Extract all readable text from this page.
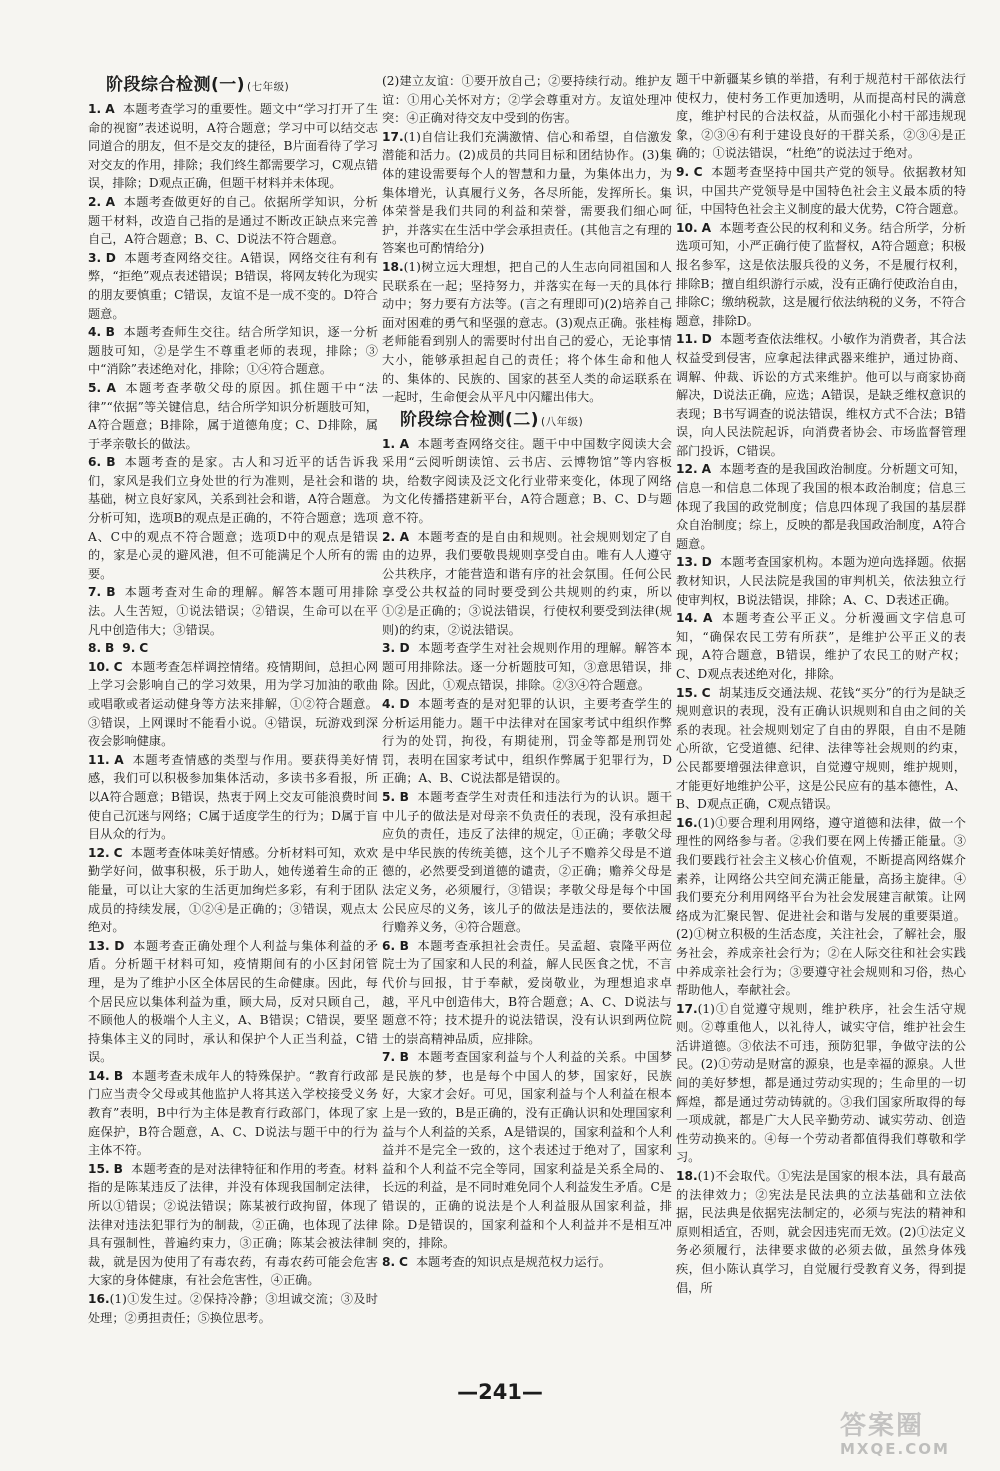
阶段综合检测(一) (七年级)

1. A 本题考查学习的重要性。题文中“学习打开了生命的视窗”表述说明，A符合题意；学习中可以结交志同道合的朋友，但不是交友的捷径，B片面看待了学习对交友的作用，排除；我们终生都需要学习，C观点错误，排除；D观点正确，但题干材料并未体现。

2. A 本题考查做更好的自己。依据所学知识，分析题干材料，改造自己指的是通过不断改正缺点来完善自己，A符合题意；B、C、D说法不符合题意。

3. D 本题考查网络交往。A错误，网络交往有利有弊，“拒绝”观点表述错误；B错误，将网友转化为现实的朋友要慎重；C错误，友谊不是一成不变的。D符合题意。

4. B 本题考查师生交往。结合所学知识，逐一分析题肢可知，②是学生不尊重老师的表现，排除；③中“消除”表述绝对化，排除；①④符合题意。

5. A 本题考查孝敬父母的原因。抓住题干中“法律”“依据”等关键信息，结合所学知识分析题肢可知，A符合题意；B排除，属于道德角度；C、D排除，属于孝亲敬长的做法。

6. B 本题考查的是家。古人和习近平的话告诉我们，家风是我们立身处世的行为准则，是社会和谐的基础，树立良好家风，关系到社会和谐，A符合题意。分析可知，选项B的观点是正确的，不符合题意；选项A、C中的观点不符合题意；选项D中的观点是错误的，家是心灵的避风港，但不可能满足个人所有的需要。

7. B 本题考查对生命的理解。解答本题可用排除法。人生苦短，①说法错误；②错误，生命可以在平凡中创造伟大；③错误。

8. B 9. C

10. C 本题考查怎样调控情绪。疫情期间，总担心网上学习会影响自己的学习效果，用为学习加油的歌曲或唱歌或者运动健身等方法来排解，①②符合题意。③错误，上网课时不能看小说。④错误，玩游戏到深夜会影响健康。

11. A 本题考查情感的类型与作用。要获得美好情感，我们可以积极参加集体活动，多读书多看报，所以A符合题意；B错误，热衷于网上交友可能浪费时间使自己沉迷与网络；C属于适度学生的行为；D属于盲目从众的行为。

12. C 本题考查体味美好情感。分析材料可知，欢欢勤学好问，做事积极，乐于助人，她传递着生命的正能量，可以让大家的生活更加绚烂多彩，有利于团队成员的持续发展，①②④是正确的；③错误，观点太绝对。

13. D 本题考查正确处理个人利益与集体利益的矛盾。分析题干材料可知，疫情期间有的小区封闭管理，是为了维护小区全体居民的生命健康。因此，每个居民应以集体利益为重，顾大局，反对只顾自己，不顾他人的极端个人主义，A、B错误；C错误，要坚持集体主义的同时，承认和保护个人正当利益，C错误。

14. B 本题考查未成年人的特殊保护。“教育行政部门应当责令父母或其他监护人将其送入学校接受义务教育”表明，B中行为主体是教育行政部门，体现了家庭保护，B符合题意，A、C、D说法与题干中的行为主体不符。

15. B 本题考查的是对法律特征和作用的考查。材料指的是陈某违反了法律，并没有体现我国制定法律，所以①错误；②说法错误；陈某被行政拘留，体现了法律对违法犯罪行为的制裁，②正确，也体现了法律具有强制性，普遍约束力，③正确；陈某会被法律制裁，就是因为使用了有毒农药，有毒农药可能会危害大家的身体健康，有社会危害性，④正确。

16.(1)①发生过。②保持冷静；③坦诚交流；③及时处理；②勇担责任；⑤换位思考。

(2)建立友谊：①要开放自己；②要持续行动。维护友谊：①用心关怀对方；②学会尊重对方。友谊处理冲突：④正确对待交友中受到的伤害。

17.(1)自信让我们充满激情、信心和希望，自信激发潜能和活力。(2)成员的共同目标和团结协作。(3)集体的建设需要每个人的智慧和力量，为集体出力，为集体增光，认真履行义务，各尽所能，发挥所长。集体荣誉是我们共同的利益和荣誉，需要我们细心呵护，并落实在生活中学会承担责任。(其他言之有理的答案也可酌情给分)

18.(1)树立远大理想，把自己的人生志向同祖国和人民联系在一起；坚持努力，并落实在每一天的具体行动中；努力要有方法等。(言之有理即可)(2)培养自己面对困难的勇气和坚强的意志。(3)观点正确。张桂梅老师能看到别人的需要时付出自己的爱心，无论事情大小，能够承担起自己的责任；将个体生命和他人的、集体的、民族的、国家的甚至人类的命运联系在一起时，生命便会从平凡中闪耀出伟大。

阶段综合检测(二) (八年级)

1. A 本题考查网络交往。题干中中国数字阅读大会采用“云阅听朗读馆、云书店、云博物馆”等内容板块，给数字阅读及泛文化行业带来变化，体现了网络为文化传播搭建新平台，A符合题意；B、C、D与题意不符。

2. A 本题考查的是自由和规则。社会规则划定了自由的边界，我们要敬畏规则享受自由。唯有人人遵守公共秩序，才能营造和谐有序的社会氛围。任何公民享受公共权益的同时要受到公共规则的约束，所以①②是正确的；③说法错误，行使权利要受到法律(规则)的约束，②说法错误。

3. D 本题考查学生对社会规则作用的理解。解答本题可用排除法。逐一分析题肢可知，③意思错误，排除。因此，①观点错误，排除。②③④符合题意。

4. D 本题考查的是对犯罪的认识，主要考查学生的分析运用能力。题干中法律对在国家考试中组织作弊行为的处罚，拘役，有期徒刑，罚金等都是刑罚处罚，表明在国家考试中，组织作弊属于犯罪行为，D正确；A、B、C说法都是错误的。

5. B 本题考查学生对责任和违法行为的认识。题干中儿子的做法是对母亲不负责任的表现，没有承担起应负的责任，违反了法律的规定，①正确；孝敬父母是中华民族的传统美德，这个儿子不赡养父母是不道德的，必然要受到道德的谴责，②正确；赡养父母是法定义务，必须履行，③错误；孝敬父母是每个中国公民应尽的义务，该儿子的做法是违法的，要依法履行赡养义务，④符合题意。

6. B 本题考查承担社会责任。吴孟超、袁隆平两位院士为了国家和人民的利益，解人民医食之忧，不言代价与回报，甘于奉献，爱岗敬业，为理想追求卓越，平凡中创造伟大，B符合题意；A、C、D说法与题意不符；技术提升的说法错误，没有认识到两位院士的崇高精神品质，应排除。

7. B 本题考查国家利益与个人利益的关系。中国梦是民族的梦，也是每个中国人的梦，国家好，民族好，大家才会好。可见，国家利益与个人利益在根本上是一致的，B是正确的，没有正确认识和处理国家利益与个人利益的关系，A是错误的，国家利益和个人利益并不是完全一致的，这个表述过于绝对了，国家利益和个人利益不完全等同，国家利益是关系全局的、长远的利益，是不同时难免同个人利益发生矛盾。C是错误的，正确的说法是个人利益服从国家利益，排除。D是错误的，国家利益和个人利益并不是相互冲突的，排除。

8. C 本题考查的知识点是规范权力运行。

题干中新疆某乡镇的举措，有利于规范村干部依法行使权力，使村务工作更加透明，从而提高村民的满意度，维护村民的合法权益，从而强化小村干部违规现象，②③④有利于建设良好的干群关系，②③④是正确的；①说法错误，“杜绝”的说法过于绝对。

9. C 本题考查坚持中国共产党的领导。依据教材知识，中国共产党领导是中国特色社会主义最本质的特征，中国特色社会主义制度的最大优势，C符合题意。

10. A 本题考查公民的权利和义务。结合所学，分析选项可知，小严正确行使了监督权，A符合题意；积极报名参军，这是依法服兵役的义务，不是履行权利，排除B；擅自组织游行示威，没有正确行使政治自由，排除C；缴纳税款，这是履行依法纳税的义务，不符合题意，排除D。

11. D 本题考查依法维权。小敏作为消费者，其合法权益受到侵害，应拿起法律武器来维护，通过协商、调解、仲裁、诉讼的方式来维护。他可以与商家协商解决，D说法正确，应选；A错误，是缺乏维权意识的表现；B书写调查的说法错误，维权方式不合法；B错误，向人民法院起诉，向消费者协会、市场监督管理部门投诉，C错误。

12. A 本题考查的是我国政治制度。分析题文可知，信息一和信息二体现了我国的根本政治制度；信息三体现了我国的政党制度；信息四体现了我国的基层群众自治制度；综上，反映的都是我国政治制度，A符合题意。

13. D 本题考查国家机构。本题为逆向选择题。依据教材知识，人民法院是我国的审判机关，依法独立行使审判权，B说法错误，排除；A、C、D表述正确。

14. A 本题考查公平正义。分析漫画文字信息可知，“确保农民工劳有所获”，是维护公平正义的表现，A符合题意，B错误，维护了农民工的财产权；C、D观点表述绝对化，排除。

15. C 胡某违反交通法规、花钱“买分”的行为是缺乏规则意识的表现，没有正确认识规则和自由之间的关系的表现。社会规则划定了自由的界限，自由不是随心所欲，它受道德、纪律、法律等社会规则的约束，公民都要增强法律意识，自觉遵守规则，维护规则，才能更好地维护公平，这是公民应有的基本德性，A、B、D观点正确，C观点错误。

16.(1)①要合理利用网络，遵守道德和法律，做一个理性的网络参与者。②我们要在网上传播正能量。③我们要践行社会主义核心价值观，不断提高网络媒介素养，让网络公共空间充满正能量，高扬主旋律。④我们要充分利用网络平台为社会发展建言献策。让网络成为汇聚民智、促进社会和谐与发展的重要渠道。(2)①树立积极的生活态度，关注社会，了解社会，服务社会，养成亲社会行为；②在人际交往和社会实践中养成亲社会行为；③要遵守社会规则和习俗，热心帮助他人，奉献社会。

17.(1)①自觉遵守规则，维护秩序，社会生活守规则。②尊重他人，以礼待人，诚实守信，维护社会生活讲道德。③依法不可违，预防犯罪，争做守法的公民。(2)①劳动是财富的源泉，也是幸福的源泉。人世间的美好梦想，都是通过劳动实现的；生命里的一切辉煌，都是通过劳动铸就的。③我们国家所取得的每一项成就，都是广大人民辛勤劳动、诚实劳动、创造性劳动换来的。④每一个劳动者都值得我们尊敬和学习。

18.(1)不会取代。①宪法是国家的根本法，具有最高的法律效力；②宪法是民法典的立法基础和立法依据，民法典是依据宪法制定的，必须与宪法的精神和原则相适宜，否则，就会因违宪而无效。(2)①法定义务必须履行，法律要求做的必须去做，虽然身体残疾，但小陈认真学习，自觉履行受教育义务，得到提倡，所

—241—
答案圈
MXQE.COM
